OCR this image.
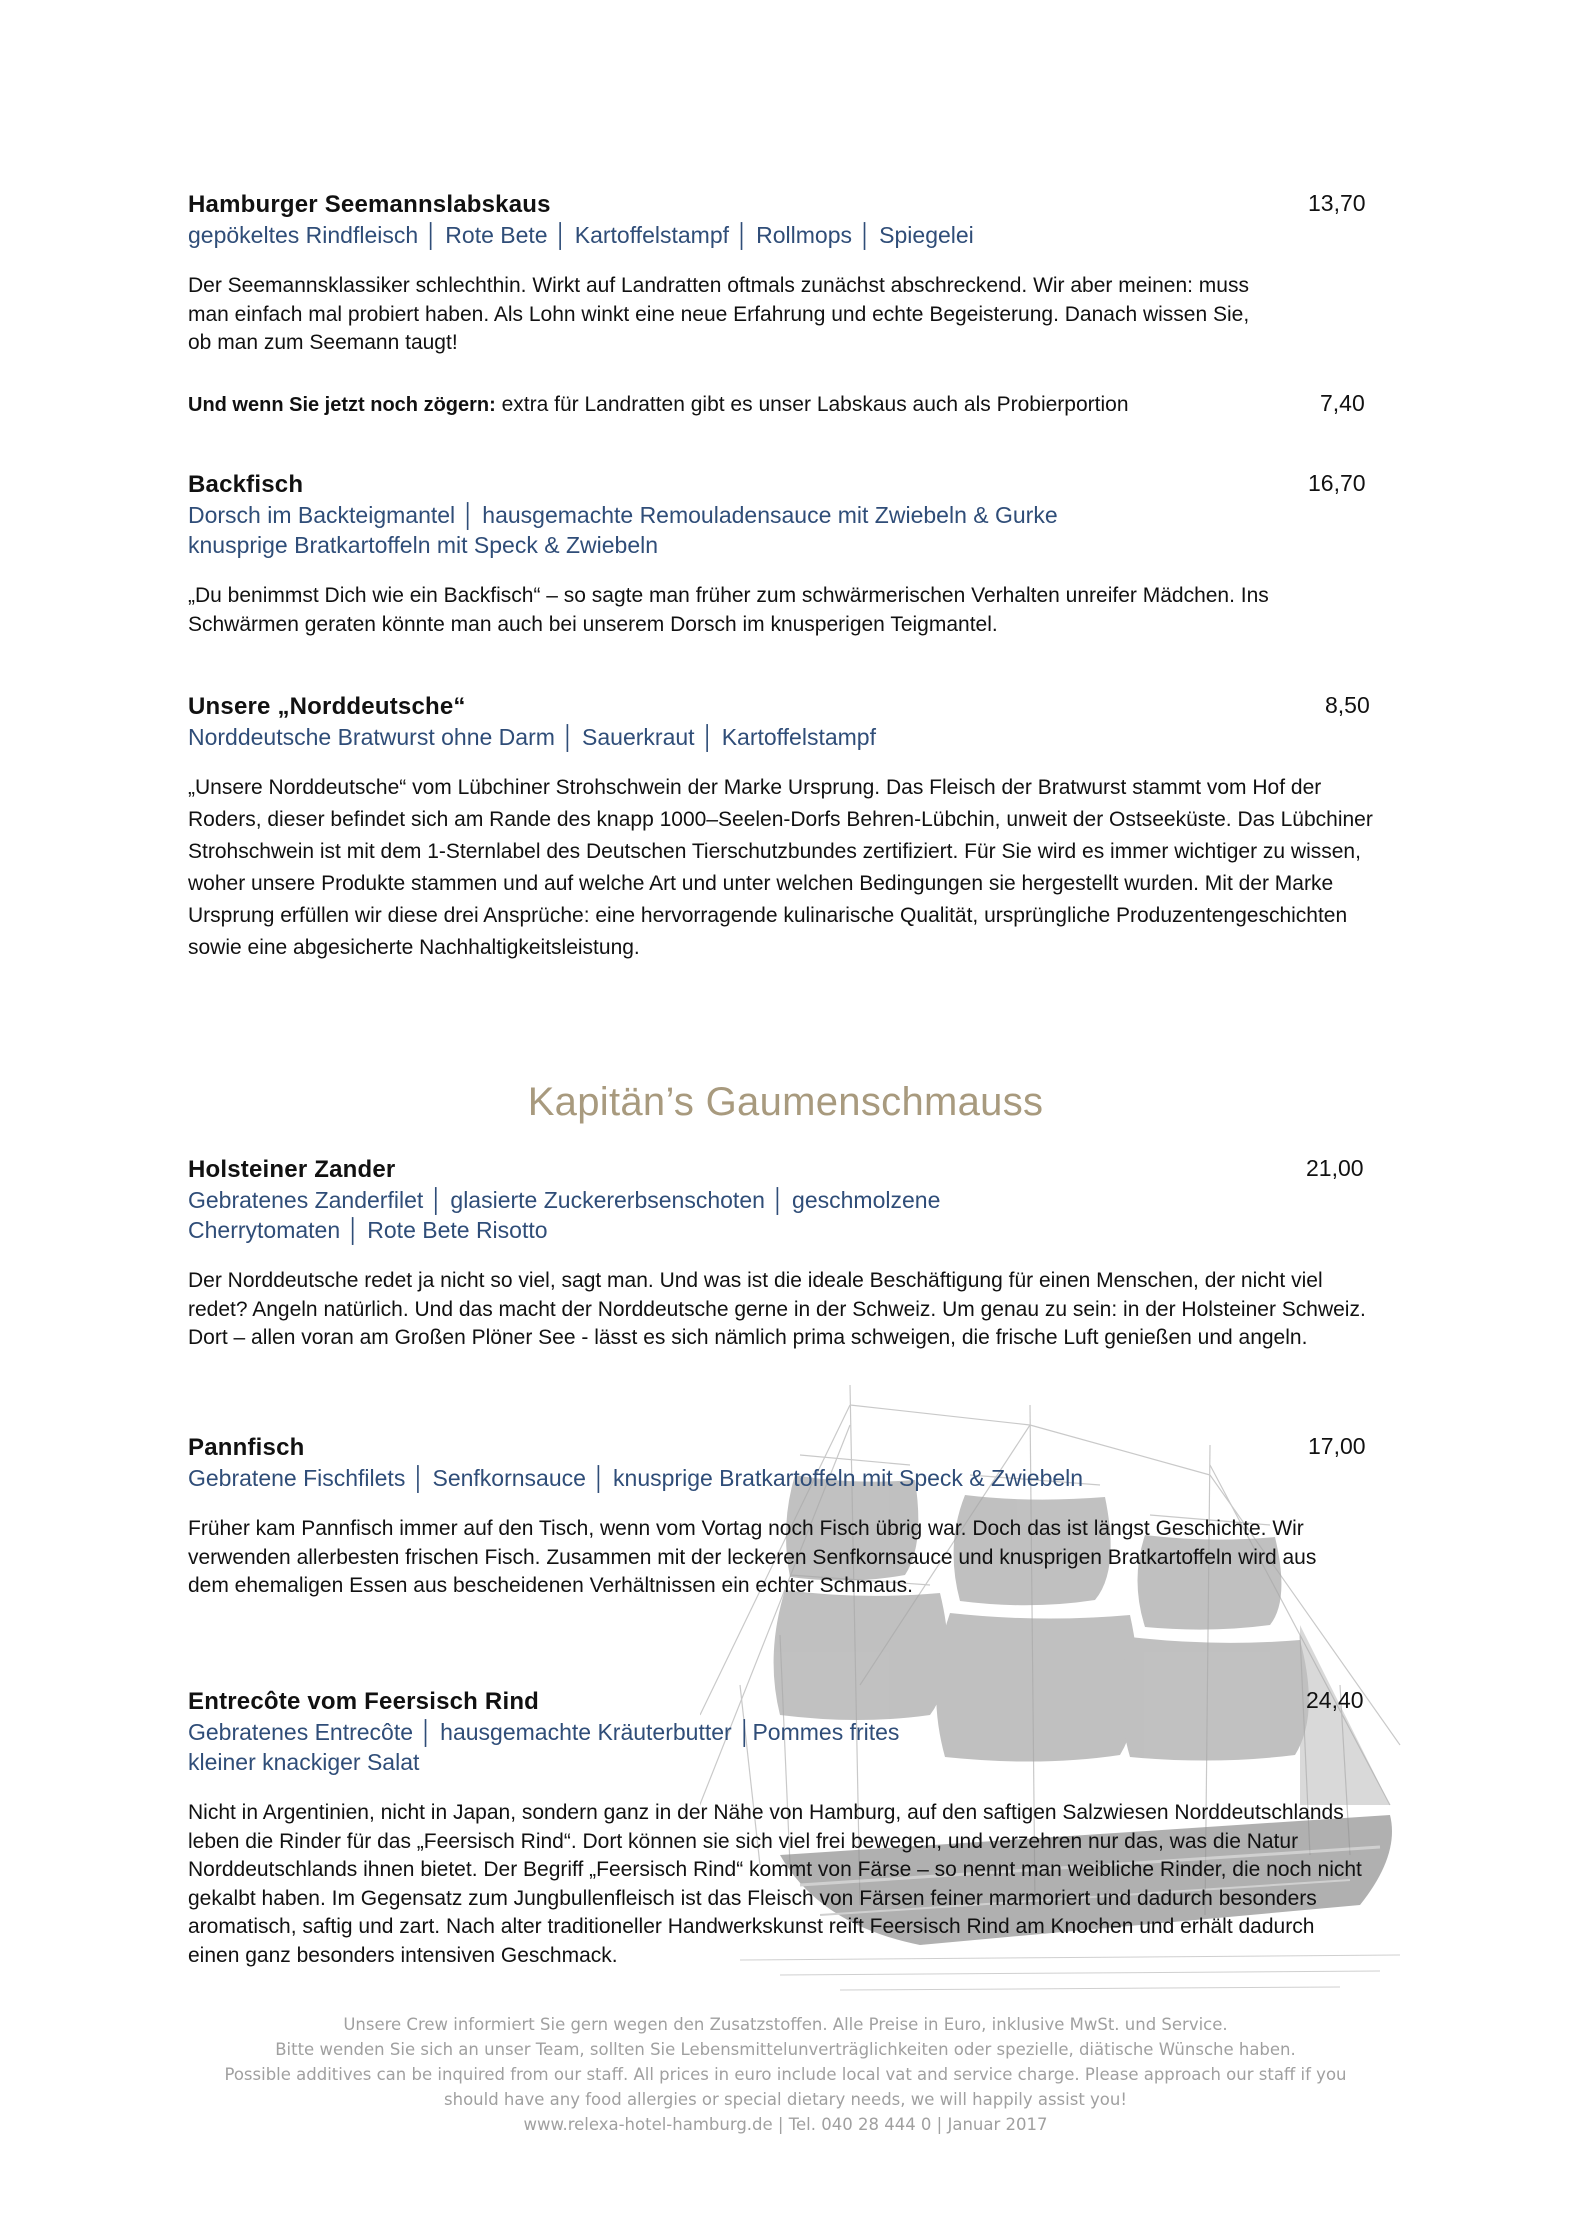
Hamburger Seemannslabskaus

gepökeltes Rindfleisch │ Rote Bete │ Kartoffelstampf │ Rollmops │ Spiegelei

Der Seemannsklassiker schlechthin. Wirkt auf Landratten oftmals zunächst abschreckend. Wir aber meinen: muss man einfach mal probiert haben. Als Lohn winkt eine neue Erfahrung und echte Begeisterung. Danach wissen Sie, ob man zum Seemann taugt!

13,70
Und wenn Sie jetzt noch zögern: extra für Landratten gibt es unser Labskaus auch als Probierportion	7,40

Backfisch

Dorsch im Backteigmantel │ hausgemachte Remouladensauce mit Zwiebeln & Gurke

knusprige Bratkartoffeln mit Speck & Zwiebeln

„Du benimmst Dich wie ein Backfisch“ – so sagte man früher zum schwärmerischen Verhalten unreifer Mädchen. Ins Schwärmen geraten könnte man auch bei unserem Dorsch im knusperigen Teigmantel.

16,70

Unsere „Norddeutsche“

Norddeutsche Bratwurst ohne Darm │ Sauerkraut │ Kartoffelstampf

„Unsere Norddeutsche“ vom Lübchiner Strohschwein der Marke Ursprung. Das Fleisch der Bratwurst stammt vom Hof der Roders, dieser befindet sich am Rande des knapp 1000–Seelen-Dorfs Behren-Lübchin, unweit der Ostseeküste. Das Lübchiner Strohschwein ist mit dem 1-Sternlabel des Deutschen Tierschutzbundes zertifiziert. Für Sie wird es immer wichtiger zu wissen, woher unsere Produkte stammen und auf welche Art und unter welchen Bedingungen sie hergestellt wurden. Mit der Marke Ursprung erfüllen wir diese drei Ansprüche: eine hervorragende kulinarische Qualität, ursprüngliche Produzentengeschichten sowie eine abgesicherte Nachhaltigkeitsleistung.

8,50
Kapitän’s Gaumenschmauss

Holsteiner Zander

Gebratenes Zanderfilet │ glasierte Zuckererbsenschoten │ geschmolzene

Cherrytomaten │ Rote Bete Risotto

Der Norddeutsche redet ja nicht so viel, sagt man. Und was ist die ideale Beschäftigung für einen Menschen, der nicht viel redet? Angeln natürlich. Und das macht der Norddeutsche gerne in der Schweiz. Um genau zu sein: in der Holsteiner Schweiz. Dort – allen voran am Großen Plöner See - lässt es sich nämlich prima schweigen, die frische Luft genießen und angeln.

21,00

Pannfisch

Gebratene Fischfilets │ Senfkornsauce │ knusprige Bratkartoffeln mit Speck & Zwiebeln

Früher kam Pannfisch immer auf den Tisch, wenn vom Vortag noch Fisch übrig war. Doch das ist längst Geschichte. Wir verwenden allerbesten frischen Fisch. Zusammen mit der leckeren Senfkornsauce und knusprigen Bratkartoffeln wird aus dem ehemaligen Essen aus bescheidenen Verhältnissen ein echter Schmaus.

17,00

Entrecôte vom Feersisch Rind

Gebratenes Entrecôte │ hausgemachte Kräuterbutter │Pommes frites

kleiner knackiger Salat

Nicht in Argentinien, nicht in Japan, sondern ganz in der Nähe von Hamburg, auf den saftigen Salzwiesen Norddeutschlands leben die Rinder für das „Feersisch Rind“. Dort können sie sich viel frei bewegen, und verzehren nur das, was die Natur Norddeutschlands ihnen bietet. Der Begriff „Feersisch Rind“ kommt von Färse – so nennt man weibliche Rinder, die noch nicht gekalbt haben. Im Gegensatz zum Jungbullenfleisch ist das Fleisch von Färsen feiner marmoriert und dadurch besonders aromatisch, saftig und zart. Nach alter traditioneller Handwerkskunst reift Feersisch Rind am Knochen und erhält dadurch einen ganz besonders intensiven Geschmack.

24,40
Unsere Crew informiert Sie gern wegen den Zusatzstoffen. Alle Preise in Euro, inklusive MwSt. und Service.
Bitte wenden Sie sich an unser Team, sollten Sie Lebensmittelunverträglichkeiten oder spezielle, diätische Wünsche haben.
Possible additives can be inquired from our staff. All prices in euro include local vat and service charge. Please approach our staff if you
should have any food allergies or special dietary needs, we will happily assist you!
www.relexa-hotel-hamburg.de | Tel. 040 28 444 0 | Januar 2017
